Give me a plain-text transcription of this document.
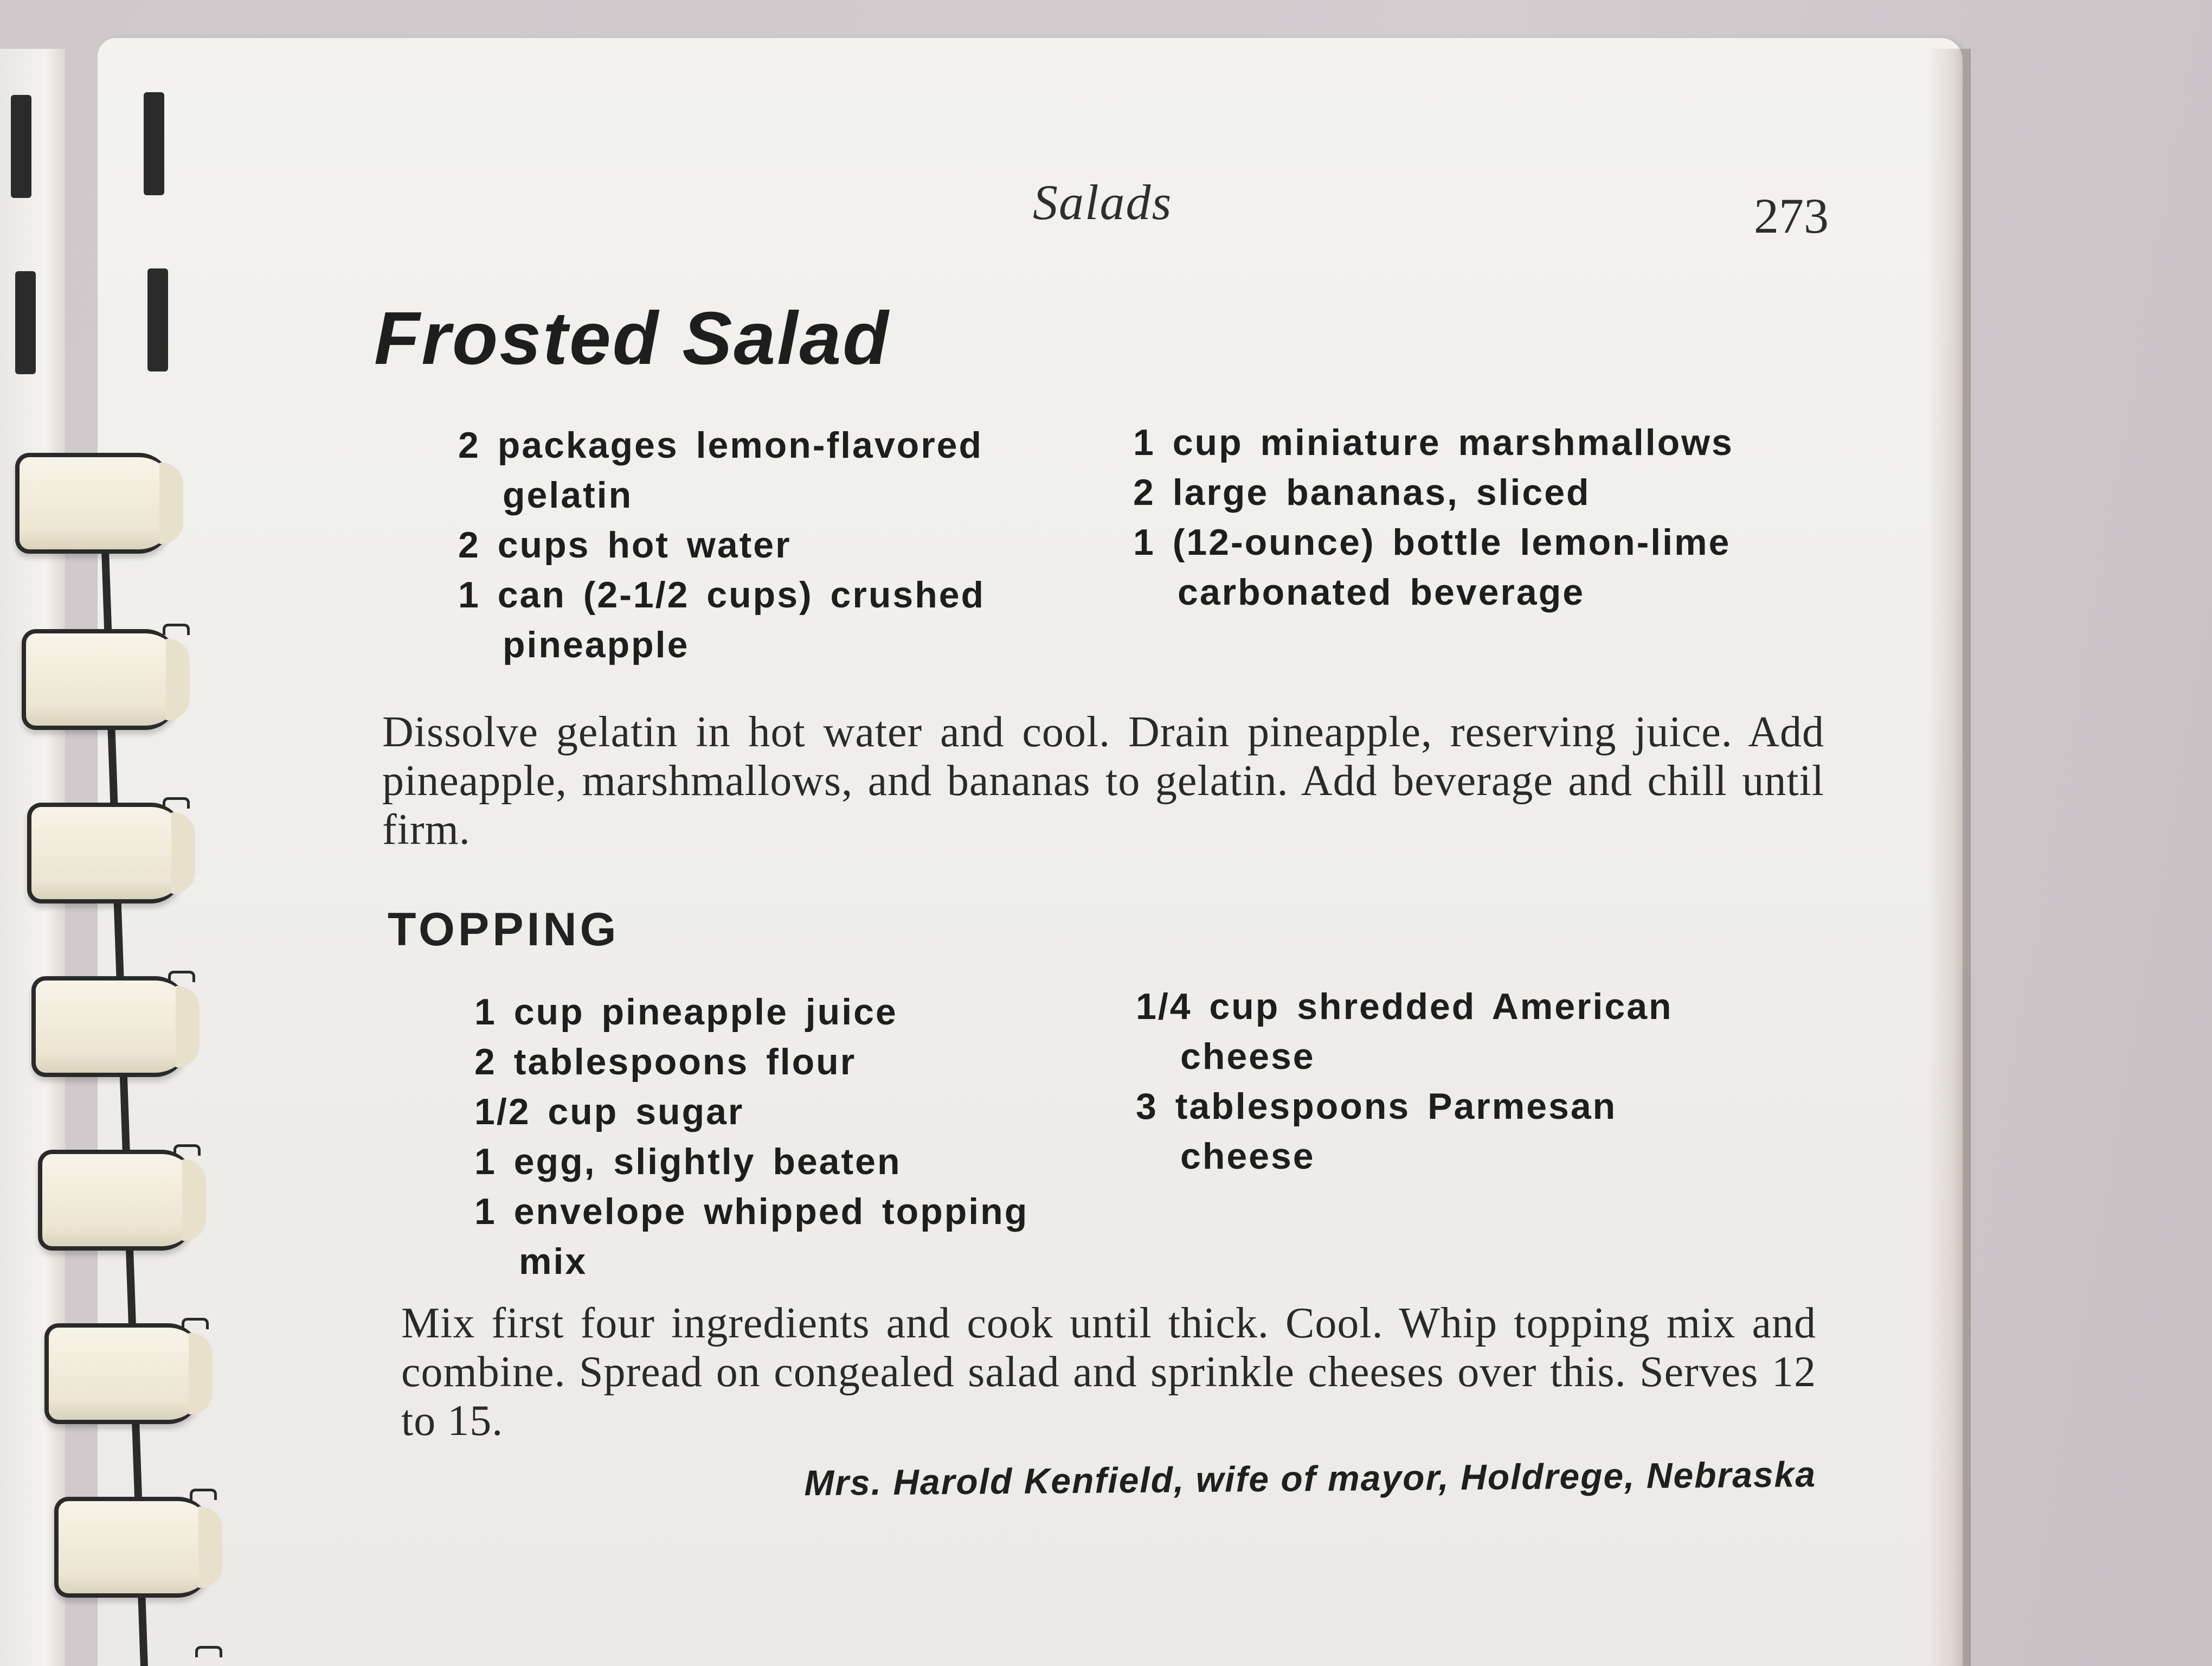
Salads	273
Frosted Salad
2 packages lemon-flavored gelatin
2 cups hot water
1 can (2-1/2 cups) crushed pineapple
1 cup miniature marshmallows
2 large bananas, sliced
1 (12-ounce) bottle lemon-lime carbonated beverage

Dissolve gelatin in hot water and cool. Drain pineapple, reserving juice. Add pineapple, marshmallows, and bananas to gelatin. Add beverage and chill until firm.

TOPPING
1 cup pineapple juice
2 tablespoons flour
1/2 cup sugar
1 egg, slightly beaten
1 envelope whipped topping mix
1/4 cup shredded American cheese
3 tablespoons Parmesan cheese

Mix first four ingredients and cook until thick. Cool. Whip topping mix and combine. Spread on congealed salad and sprinkle cheeses over this. Serves 12 to 15.

Mrs. Harold Kenfield, wife of mayor, Holdrege, Nebraska
